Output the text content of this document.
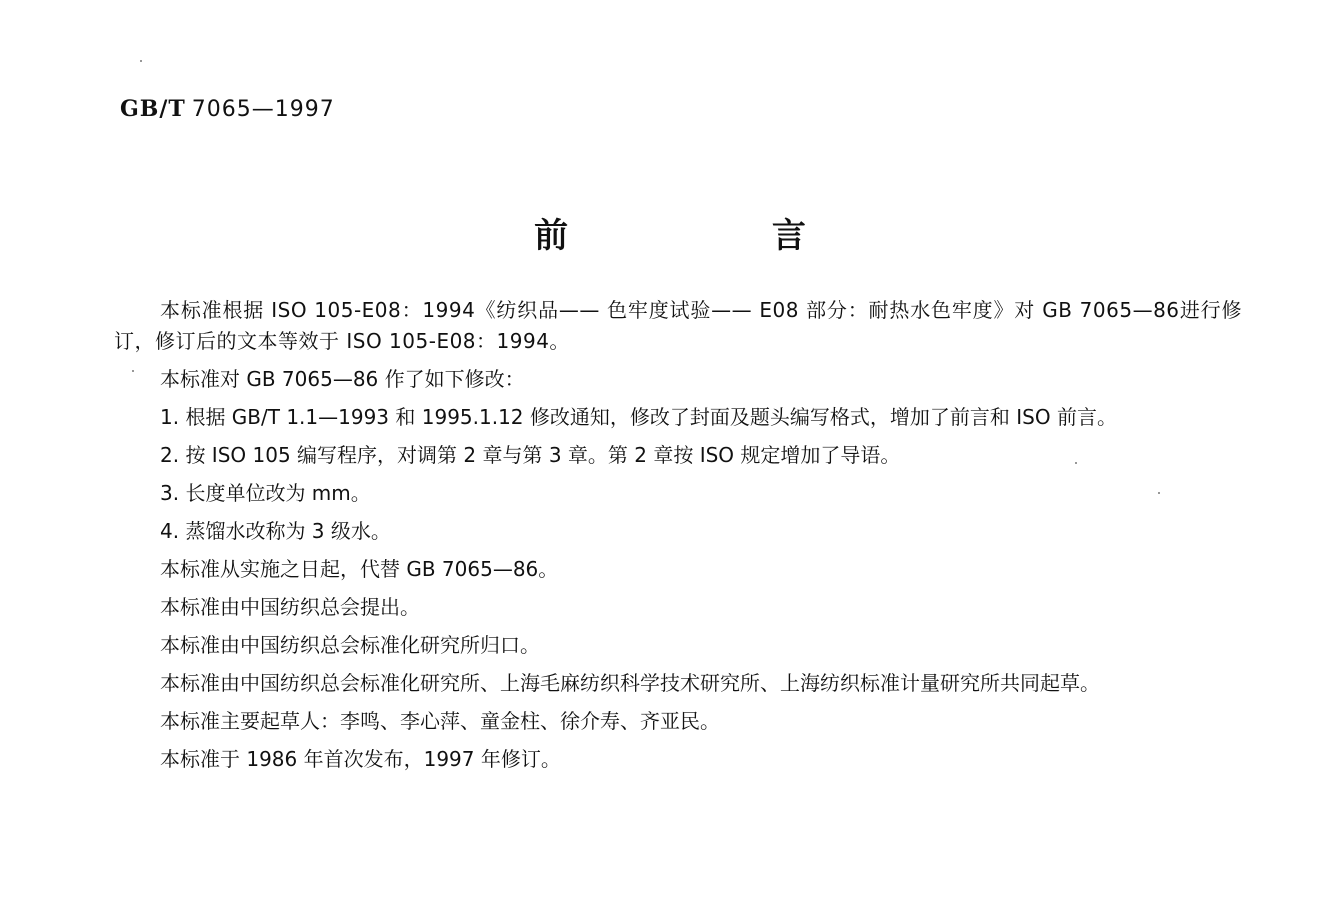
GB/T 7065—1997
前 言

本标准根据 ISO 105-E08：1994《纺织品—— 色牢度试验—— E08 部分：耐热水色牢度》对 GB 7065—86进行修订，修订后的文本等效于 ISO 105-E08：1994。

本标准对 GB 7065—86 作了如下修改：

1. 根据 GB/T 1.1—1993 和 1995.1.12 修改通知，修改了封面及题头编写格式，增加了前言和 ISO 前言。

2. 按 ISO 105 编写程序，对调第 2 章与第 3 章。第 2 章按 ISO 规定增加了导语。

3. 长度单位改为 mm。

4. 蒸馏水改称为 3 级水。

本标准从实施之日起，代替 GB 7065—86。

本标准由中国纺织总会提出。

本标准由中国纺织总会标准化研究所归口。

本标准由中国纺织总会标准化研究所、上海毛麻纺织科学技术研究所、上海纺织标准计量研究所共同起草。

本标准主要起草人：李鸣、李心萍、童金柱、徐介寿、齐亚民。

本标准于 1986 年首次发布，1997 年修订。
